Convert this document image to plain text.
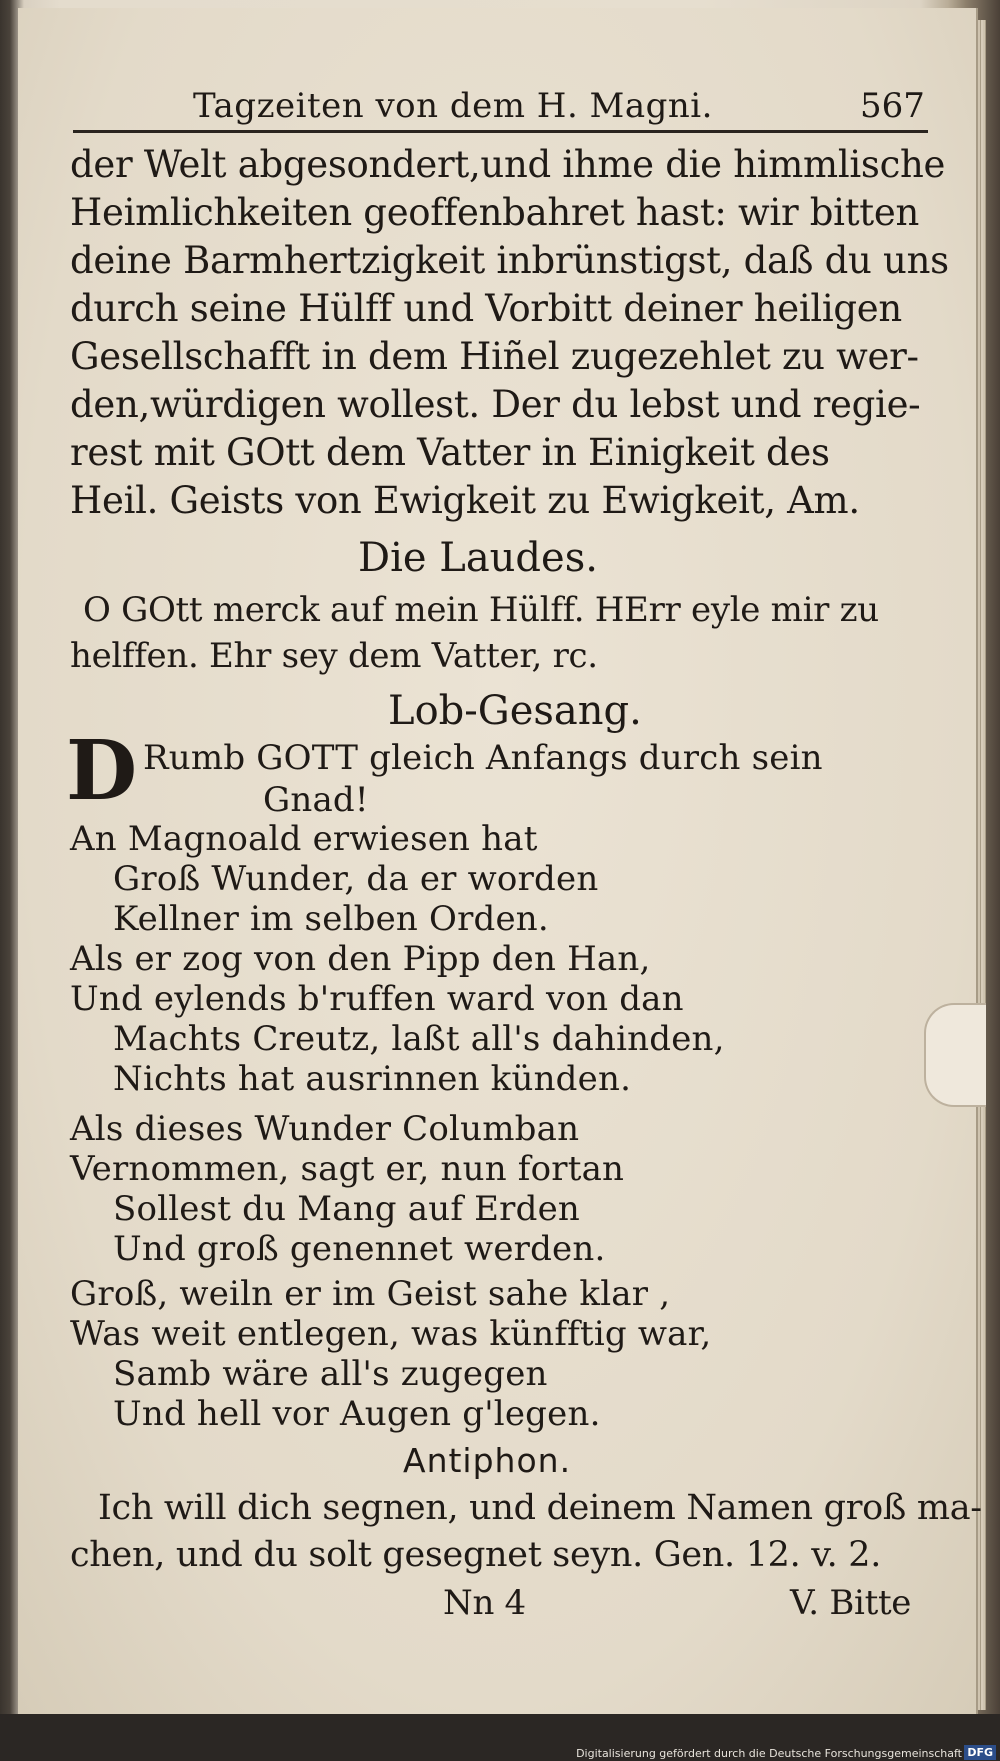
Tagzeiten von dem H. Magni.	567
der Welt abgesondert,und ihme die himmlische
Heimlichkeiten geoffenbahret hast: wir bitten
deine Barmhertzigkeit inbrünstigst, daß du uns
durch seine Hülff und Vorbitt deiner heiligen
Gesellschafft in dem Hiñel zugezehlet zu wer-
den,würdigen wollest. Der du lebst und regie-
rest mit GOtt dem Vatter in Einigkeit des
Heil. Geists von Ewigkeit zu Ewigkeit, Am.
Die Laudes.
O GOtt merck auf mein Hülff. HErr eyle mir zu
helffen. Ehr sey dem Vatter, rc.
Lob-Gesang.
D Rumb GOTT gleich Anfangs durch sein
Gnad!
An Magnoald erwiesen hat
Groß Wunder, da er worden
Kellner im selben Orden.
Als er zog von den Pipp den Han,
Und eylends b'ruffen ward von dan
Machts Creutz, laßt all's dahinden,
Nichts hat ausrinnen künden.
Als dieses Wunder Columban
Vernommen, sagt er, nun fortan
Sollest du Mang auf Erden
Und groß genennet werden.
Groß, weiln er im Geist sahe klar ,
Was weit entlegen, was künfftig war,
Samb wäre all's zugegen
Und hell vor Augen g'legen.
Antiphon.
Ich will dich segnen, und deinem Namen groß ma-
chen, und du solt gesegnet seyn. Gen. 12. v. 2.
Nn 4	V. Bitte
Digitalisierung gefördert durch die Deutsche Forschungsgemeinschaft DFG
